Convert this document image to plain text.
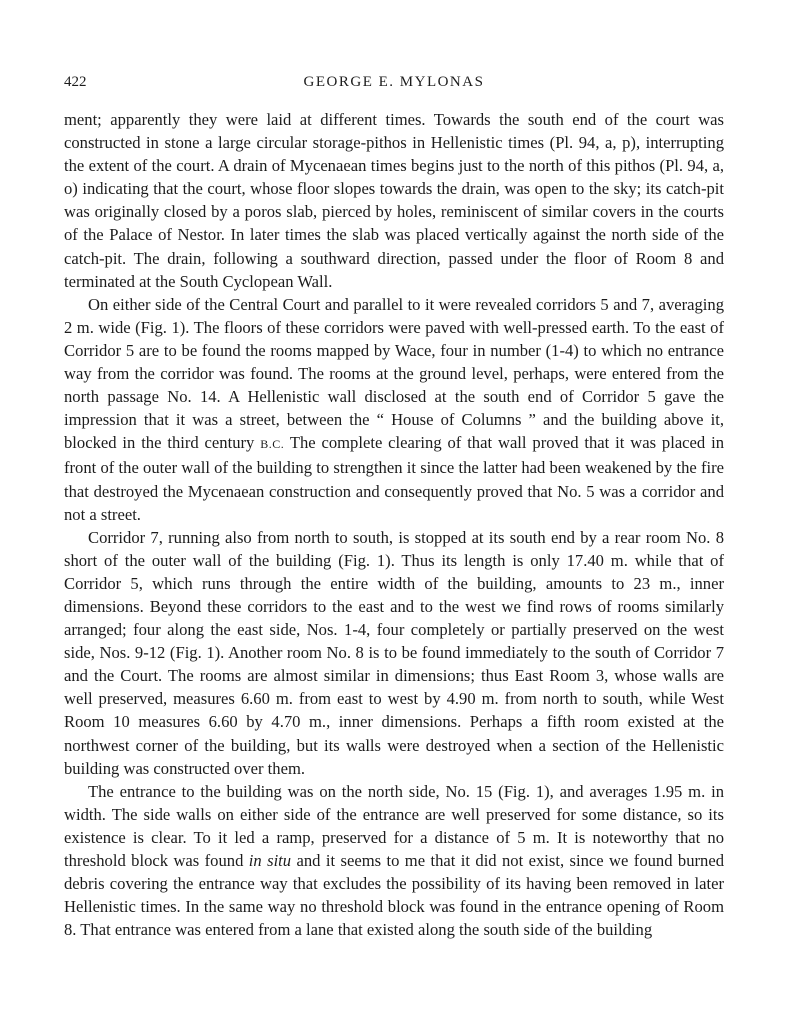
422	GEORGE E. MYLONAS

ment; apparently they were laid at different times. Towards the south end of the court was constructed in stone a large circular storage-pithos in Hellenistic times (Pl. 94, a, p), interrupting the extent of the court. A drain of Mycenaean times begins just to the north of this pithos (Pl. 94, a, o) indicating that the court, whose floor slopes towards the drain, was open to the sky; its catch-pit was originally closed by a poros slab, pierced by holes, reminiscent of similar covers in the courts of the Palace of Nestor. In later times the slab was placed vertically against the north side of the catch-pit. The drain, following a southward direction, passed under the floor of Room 8 and terminated at the South Cyclopean Wall.

On either side of the Central Court and parallel to it were revealed corridors 5 and 7, averaging 2 m. wide (Fig. 1). The floors of these corridors were paved with well-pressed earth. To the east of Corridor 5 are to be found the rooms mapped by Wace, four in number (1-4) to which no entrance way from the corridor was found. The rooms at the ground level, perhaps, were entered from the north passage No. 14. A Hellenistic wall disclosed at the south end of Corridor 5 gave the impression that it was a street, between the “ House of Columns ” and the building above it, blocked in the third century B.C. The complete clearing of that wall proved that it was placed in front of the outer wall of the building to strengthen it since the latter had been weakened by the fire that destroyed the Mycenaean construction and consequently proved that No. 5 was a corridor and not a street.

Corridor 7, running also from north to south, is stopped at its south end by a rear room No. 8 short of the outer wall of the building (Fig. 1). Thus its length is only 17.40 m. while that of Corridor 5, which runs through the entire width of the building, amounts to 23 m., inner dimensions. Beyond these corridors to the east and to the west we find rows of rooms similarly arranged; four along the east side, Nos. 1-4, four completely or partially preserved on the west side, Nos. 9-12 (Fig. 1). Another room No. 8 is to be found immediately to the south of Corridor 7 and the Court. The rooms are almost similar in dimensions; thus East Room 3, whose walls are well preserved, measures 6.60 m. from east to west by 4.90 m. from north to south, while West Room 10 measures 6.60 by 4.70 m., inner dimensions. Perhaps a fifth room existed at the northwest corner of the building, but its walls were destroyed when a section of the Hellenistic building was constructed over them.

The entrance to the building was on the north side, No. 15 (Fig. 1), and averages 1.95 m. in width. The side walls on either side of the entrance are well preserved for some distance, so its existence is clear. To it led a ramp, preserved for a distance of 5 m. It is noteworthy that no threshold block was found in situ and it seems to me that it did not exist, since we found burned debris covering the entrance way that excludes the possibility of its having been removed in later Hellenistic times. In the same way no threshold block was found in the entrance opening of Room 8. That entrance was entered from a lane that existed along the south side of the building
